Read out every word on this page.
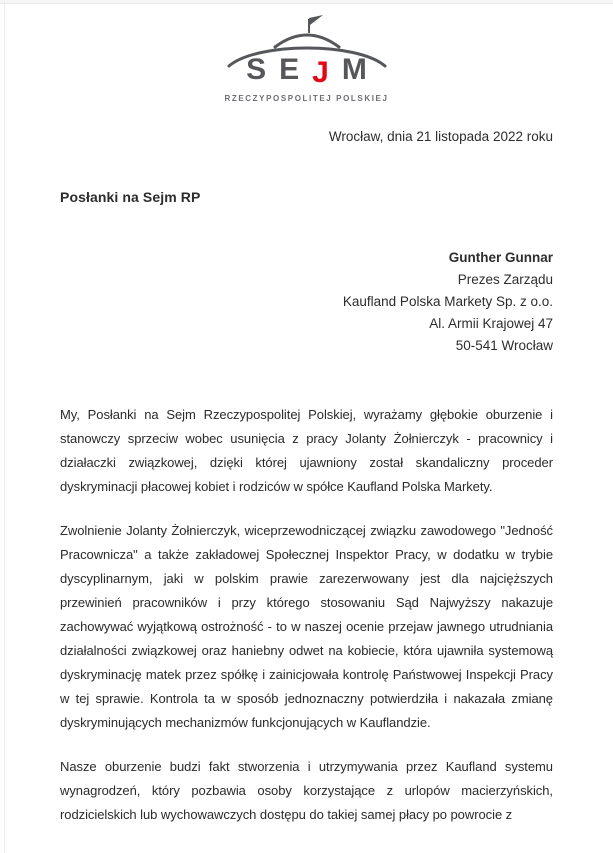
S E J M
RZECZYPOSPOLITEJ POLSKIEJ
Wrocław, dnia 21 listopada 2022 roku
Posłanki na Sejm RP
Gunther Gunnar
Prezes Zarządu
Kaufland Polska Markety Sp. z o.o.
Al. Armii Krajowej 47
50-541 Wrocław

My, Posłanki na Sejm Rzeczypospolitej Polskiej, wyrażamy głębokie oburzenie i stanowczy sprzeciw wobec usunięcia z pracy Jolanty Żołnierczyk - pracownicy i działaczki związkowej, dzięki której ujawniony został skandaliczny proceder dyskryminacji płacowej kobiet i rodziców w spółce Kaufland Polska Markety.

Zwolnienie Jolanty Żołnierczyk, wiceprzewodniczącej związku zawodowego "Jedność Pracownicza" a także zakładowej Społecznej Inspektor Pracy, w dodatku w trybie dyscyplinarnym, jaki w polskim prawie zarezerwowany jest dla najcięższych przewinień pracowników i przy którego stosowaniu Sąd Najwyższy nakazuje zachowywać wyjątkową ostrożność - to w naszej ocenie przejaw jawnego utrudniania działalności związkowej oraz haniebny odwet na kobiecie, która ujawniła systemową dyskryminację matek przez spółkę i zainicjowała kontrolę Państwowej Inspekcji Pracy w tej sprawie. Kontrola ta w sposób jednoznaczny potwierdziła i nakazała zmianę dyskryminujących mechanizmów funkcjonujących w Kauflandzie.

Nasze oburzenie budzi fakt stworzenia i utrzymywania przez Kaufland systemu wynagrodzeń, który pozbawia osoby korzystające z urlopów macierzyńskich, rodzicielskich lub wychowawczych dostępu do takiej samej płacy po powrocie z
